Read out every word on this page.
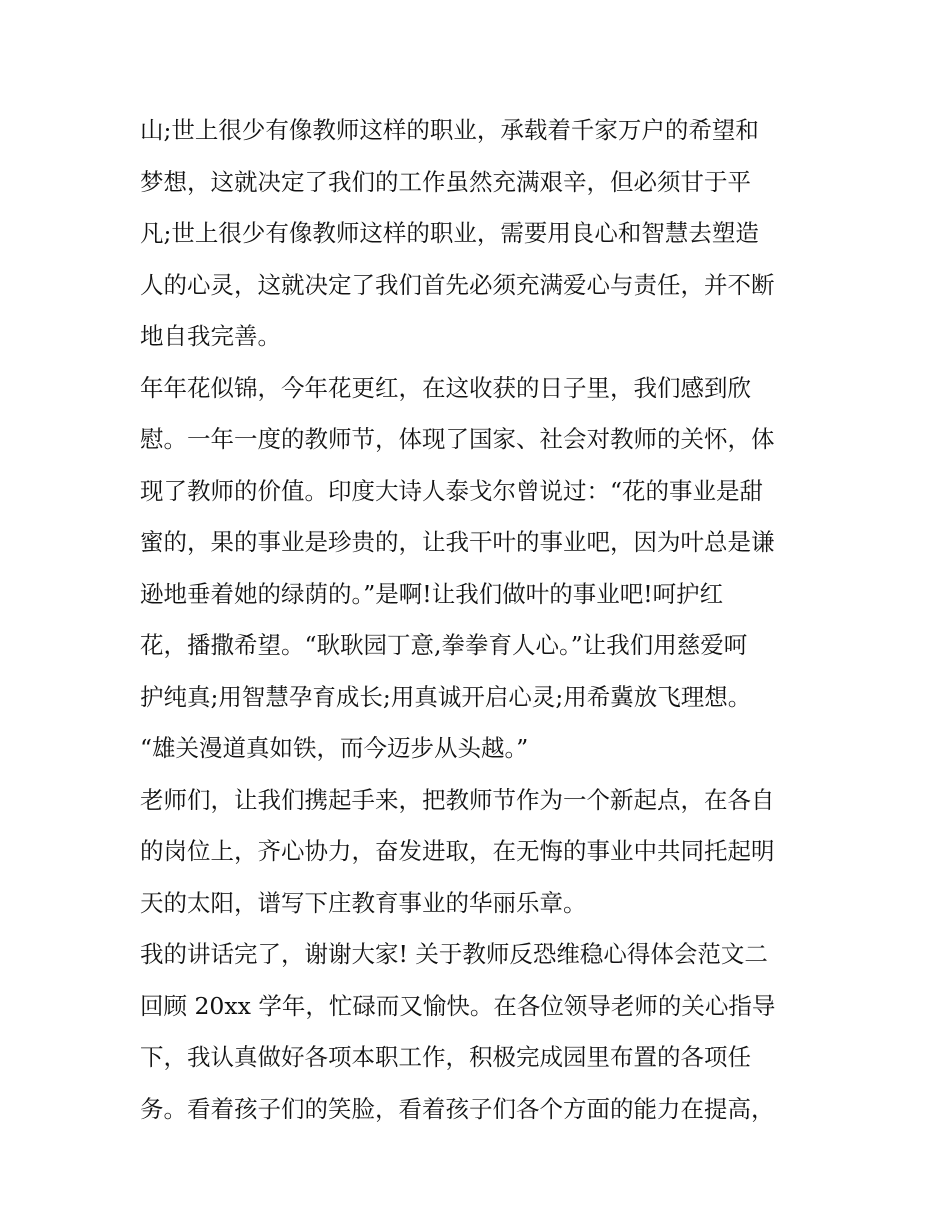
山;世上很少有像教师这样的职业，承载着千家万户的希望和
梦想，这就决定了我们的工作虽然充满艰辛，但必须甘于平
凡;世上很少有像教师这样的职业，需要用良心和智慧去塑造
人的心灵，这就决定了我们首先必须充满爱心与责任，并不断
地自我完善。
年年花似锦，今年花更红，在这收获的日子里，我们感到欣
慰。一年一度的教师节，体现了国家、社会对教师的关怀，体
现了教师的价值。印度大诗人泰戈尔曾说过：“花的事业是甜
蜜的，果的事业是珍贵的，让我干叶的事业吧，因为叶总是谦
逊地垂着她的绿荫的。”是啊!让我们做叶的事业吧!呵护红
花，播撒希望。“耿耿园丁意,拳拳育人心。”让我们用慈爱呵
护纯真;用智慧孕育成长;用真诚开启心灵;用希冀放飞理想。
“雄关漫道真如铁，而今迈步从头越。”
老师们，让我们携起手来，把教师节作为一个新起点，在各自
的岗位上，齐心协力，奋发进取，在无悔的事业中共同托起明
天的太阳，谱写下庄教育事业的华丽乐章。
我的讲话完了，谢谢大家! 关于教师反恐维稳心得体会范文二
回顾 20xx 学年，忙碌而又愉快。在各位领导老师的关心指导
下，我认真做好各项本职工作，积极完成园里布置的各项任
务。看着孩子们的笑脸，看着孩子们各个方面的能力在提高，
